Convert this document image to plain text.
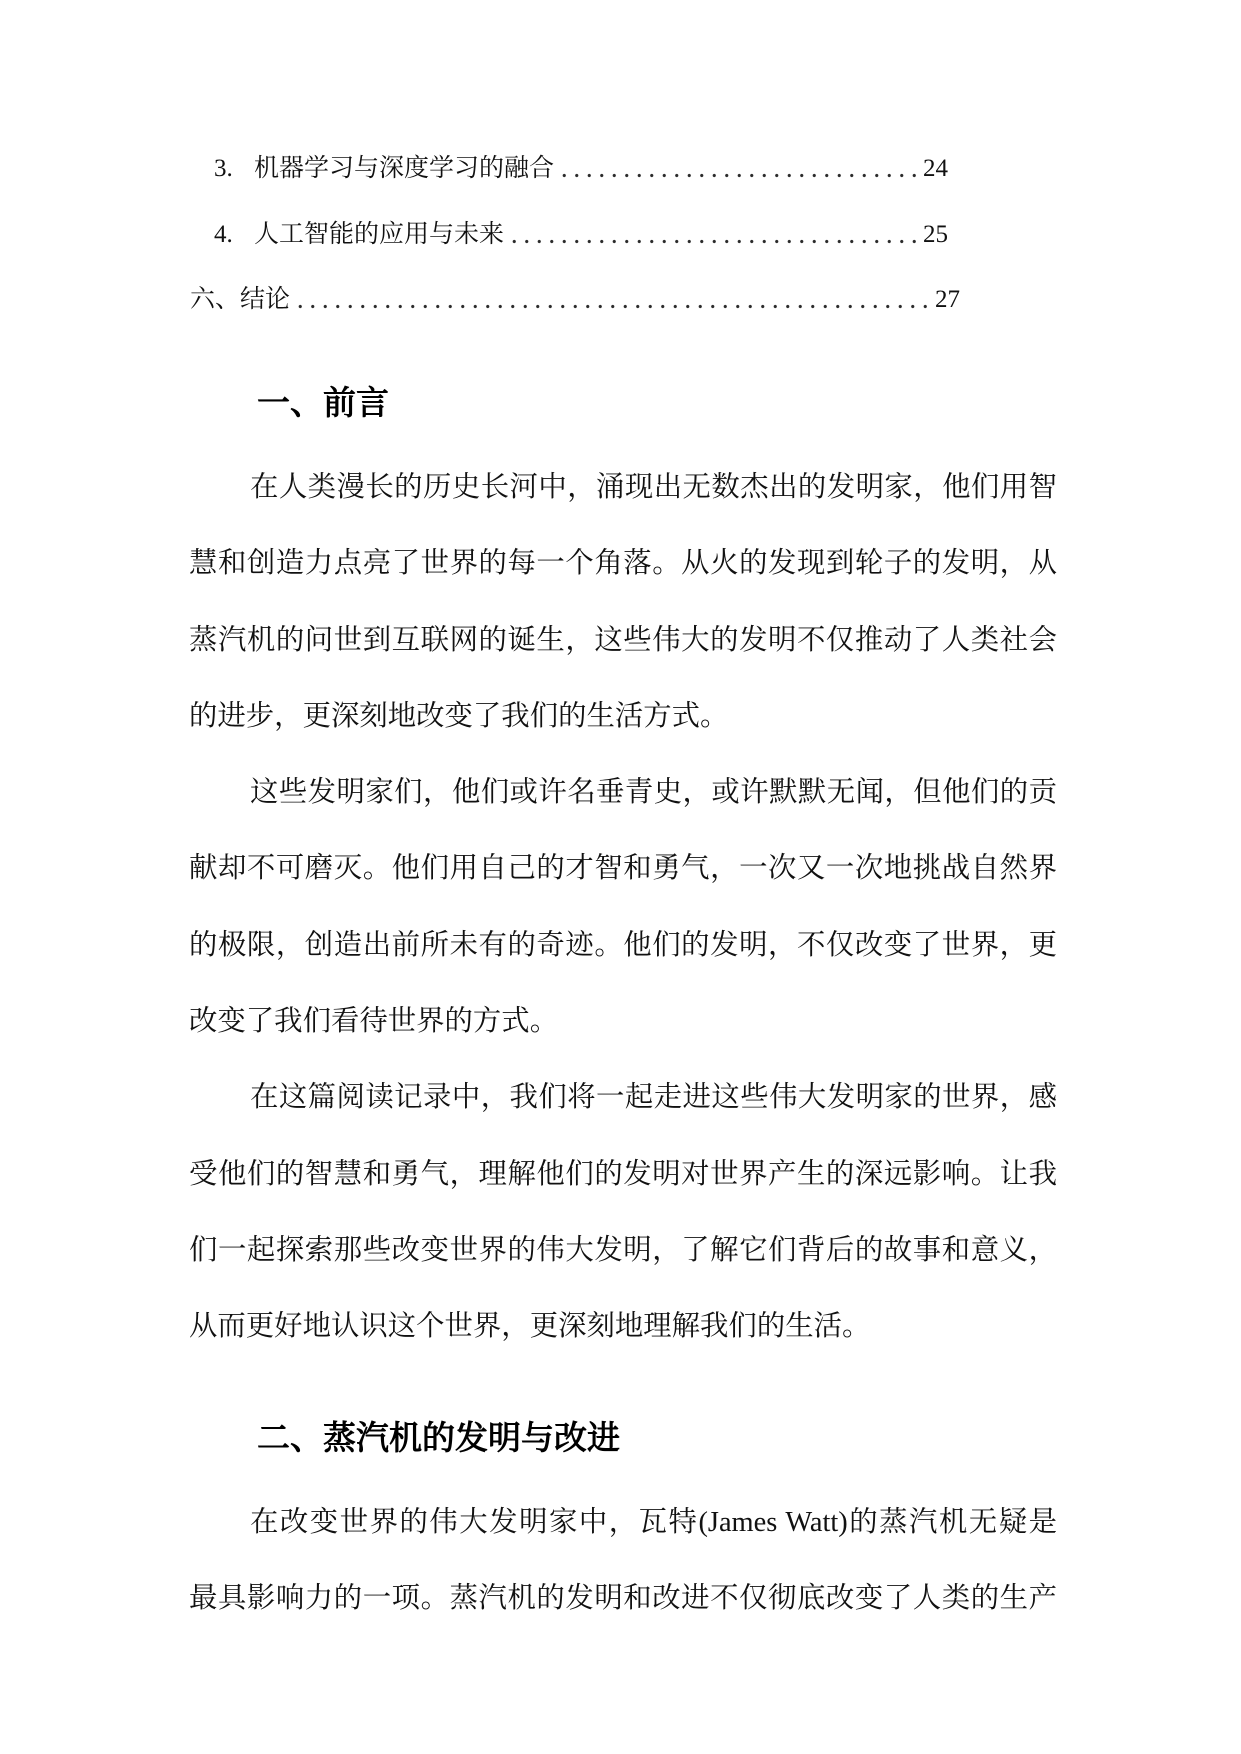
3. 机器学习与深度学习的融合	24
4. 人工智能的应用与未来	25
六、结论	27
一、前言
在人类漫长的历史长河中，涌现出无数杰出的发明家，他们用智
慧和创造力点亮了世界的每一个角落。从火的发现到轮子的发明，从
蒸汽机的问世到互联网的诞生，这些伟大的发明不仅推动了人类社会
的进步，更深刻地改变了我们的生活方式。
这些发明家们，他们或许名垂青史，或许默默无闻，但他们的贡
献却不可磨灭。他们用自己的才智和勇气，一次又一次地挑战自然界
的极限，创造出前所未有的奇迹。他们的发明，不仅改变了世界，更
改变了我们看待世界的方式。
在这篇阅读记录中，我们将一起走进这些伟大发明家的世界，感
受他们的智慧和勇气，理解他们的发明对世界产生的深远影响。让我
们一起探索那些改变世界的伟大发明，了解它们背后的故事和意义，
从而更好地认识这个世界，更深刻地理解我们的生活。
二、蒸汽机的发明与改进
在改变世界的伟大发明家中，瓦特(James Watt)的蒸汽机无疑是
最具影响力的一项。蒸汽机的发明和改进不仅彻底改变了人类的生产
